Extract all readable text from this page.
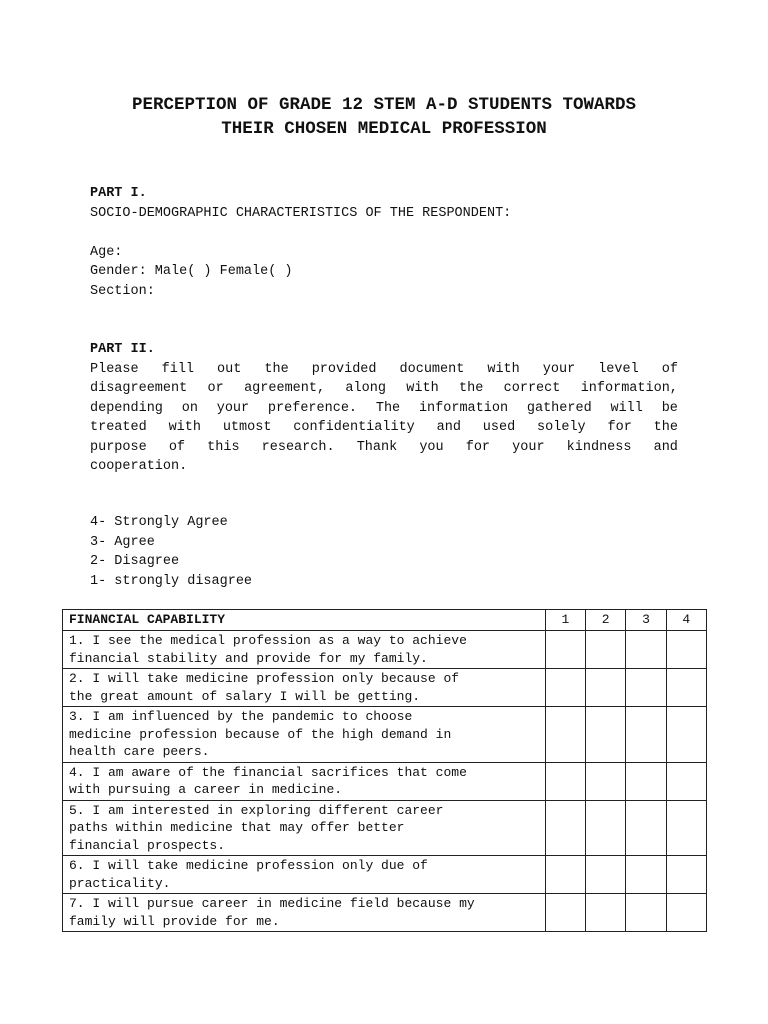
PERCEPTION OF GRADE 12 STEM A-D STUDENTS TOWARDS
THEIR CHOSEN MEDICAL PROFESSION
PART I.
SOCIO-DEMOGRAPHIC CHARACTERISTICS OF THE RESPONDENT:
Age:
Gender: Male( ) Female( )
Section:
PART II.
Please fill out the provided document with your level of
disagreement or agreement, along with the correct information,
depending on your preference. The information gathered will be
treated with utmost confidentiality and used solely for the
purpose of this research. Thank you for your kindness and
cooperation.
4- Strongly Agree
3- Agree
2- Disagree
1- strongly disagree
FINANCIAL CAPABILITY	1	2	3	4

1. I see the medical profession as a way to achieve
financial stability and provide for my family.				

2. I will take medicine profession only because of
the great amount of salary I will be getting.				

3. I am influenced by the pandemic to choose
medicine profession because of the high demand in
health care peers.				

4. I am aware of the financial sacrifices that come
with pursuing a career in medicine.				

5. I am interested in exploring different career
paths within medicine that may offer better
financial prospects.				

6. I will take medicine profession only due of
practicality.				

7. I will pursue career in medicine field because my
family will provide for me.				
